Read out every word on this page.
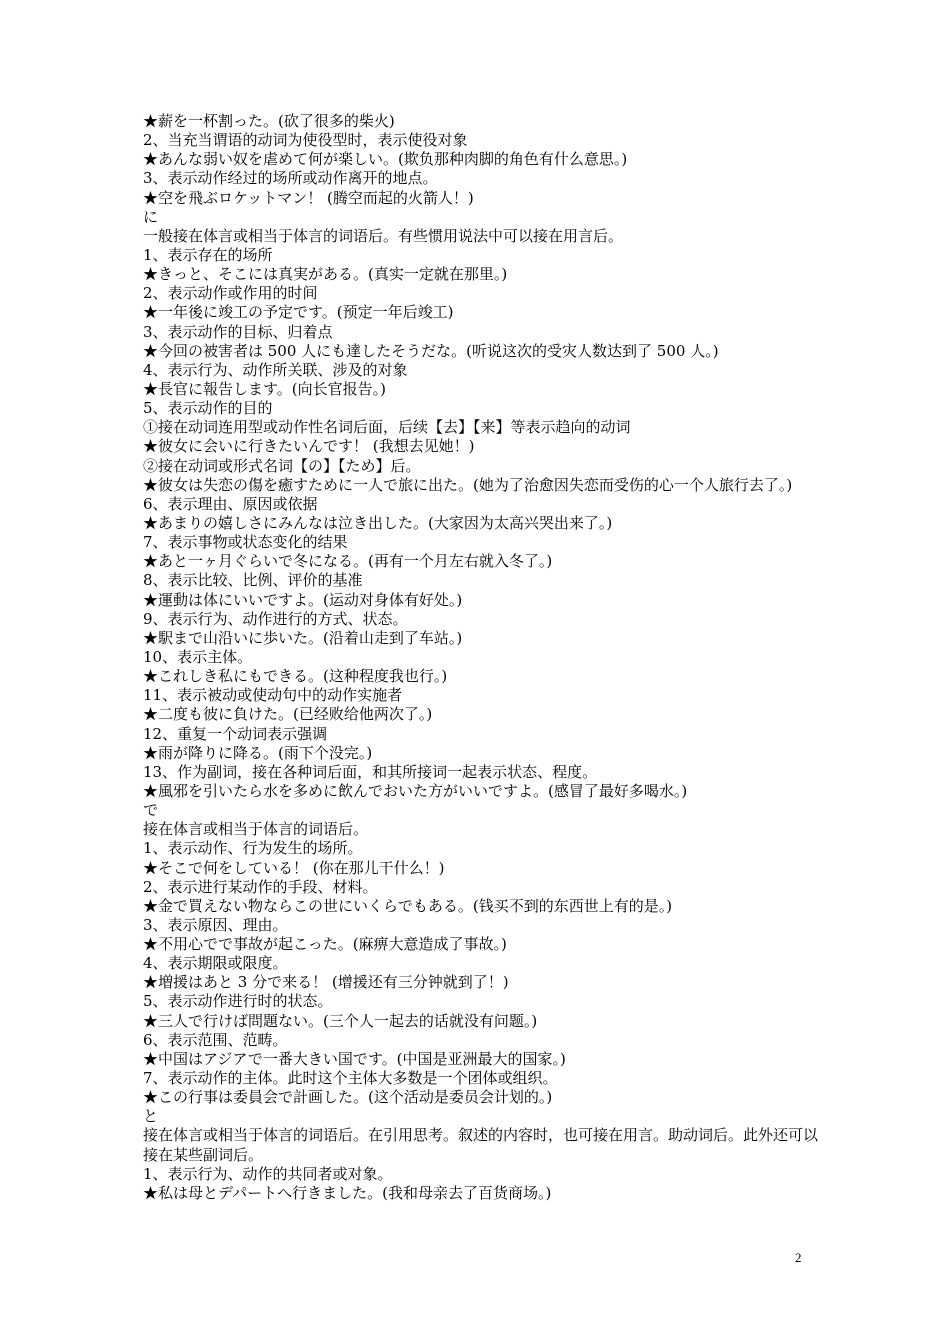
★薪を一杯割った。(砍了很多的柴火)
2、当充当谓语的动词为使役型时，表示使役对象
★あんな弱い奴を虐めて何が楽しい。(欺负那种肉脚的角色有什么意思。)
3、表示动作经过的场所或动作离开的地点。
★空を飛ぶロケットマン！ (腾空而起的火箭人！)
に
一般接在体言或相当于体言的词语后。有些惯用说法中可以接在用言后。
1、表示存在的场所
★きっと、そこには真実がある。(真实一定就在那里。)
2、表示动作或作用的时间
★一年後に竣工の予定です。(预定一年后竣工)
3、表示动作的目标、归着点
★今回の被害者は 500 人にも達したそうだな。(听说这次的受灾人数达到了 500 人。)
4、表示行为、动作所关联、涉及的对象
★長官に報告します。(向长官报告。)
5、表示动作的目的
①接在动词连用型或动作性名词后面，后续【去】【来】等表示趋向的动词
★彼女に会いに行きたいんです！ (我想去见她！)
②接在动词或形式名词【の】【ため】后。
★彼女は失恋の傷を癒すために一人で旅に出た。(她为了治愈因失恋而受伤的心一个人旅行去了。)
6、表示理由、原因或依据
★あまりの嬉しさにみんなは泣き出した。(大家因为太高兴哭出来了。)
7、表示事物或状态变化的结果
★あと一ヶ月ぐらいで冬になる。(再有一个月左右就入冬了。)
8、表示比较、比例、评价的基准
★運動は体にいいですよ。(运动对身体有好处。)
9、表示行为、动作进行的方式、状态。
★駅まで山沿いに歩いた。(沿着山走到了车站。)
10、表示主体。
★これしき私にもできる。(这种程度我也行。)
11、表示被动或使动句中的动作实施者
★二度も彼に負けた。(已经败给他两次了。)
12、重复一个动词表示强调
★雨が降りに降る。(雨下个没完。)
13、作为副词，接在各种词后面，和其所接词一起表示状态、程度。
★風邪を引いたら水を多めに飲んでおいた方がいいですよ。(感冒了最好多喝水。)
で
接在体言或相当于体言的词语后。
1、表示动作、行为发生的场所。
★そこで何をしている！ (你在那儿干什么！)
2、表示进行某动作的手段、材料。
★金で買えない物ならこの世にいくらでもある。(钱买不到的东西世上有的是。)
3、表示原因、理由。
★不用心でで事故が起こった。(麻痹大意造成了事故。)
4、表示期限或限度。
★増援はあと 3 分で来る！ (增援还有三分钟就到了！)
5、表示动作进行时的状态。
★三人で行けば問題ない。(三个人一起去的话就没有问题。)
6、表示范围、范畴。
★中国はアジアで一番大きい国です。(中国是亚洲最大的国家。)
7、表示动作的主体。此时这个主体大多数是一个团体或组织。
★この行事は委員会で計画した。(这个活动是委员会计划的。)
と
接在体言或相当于体言的词语后。在引用思考。叙述的内容时，也可接在用言。助动词后。此外还可以接在某些副词后。
1、表示行为、动作的共同者或对象。
★私は母とデパートへ行きました。(我和母亲去了百货商场。)
2
